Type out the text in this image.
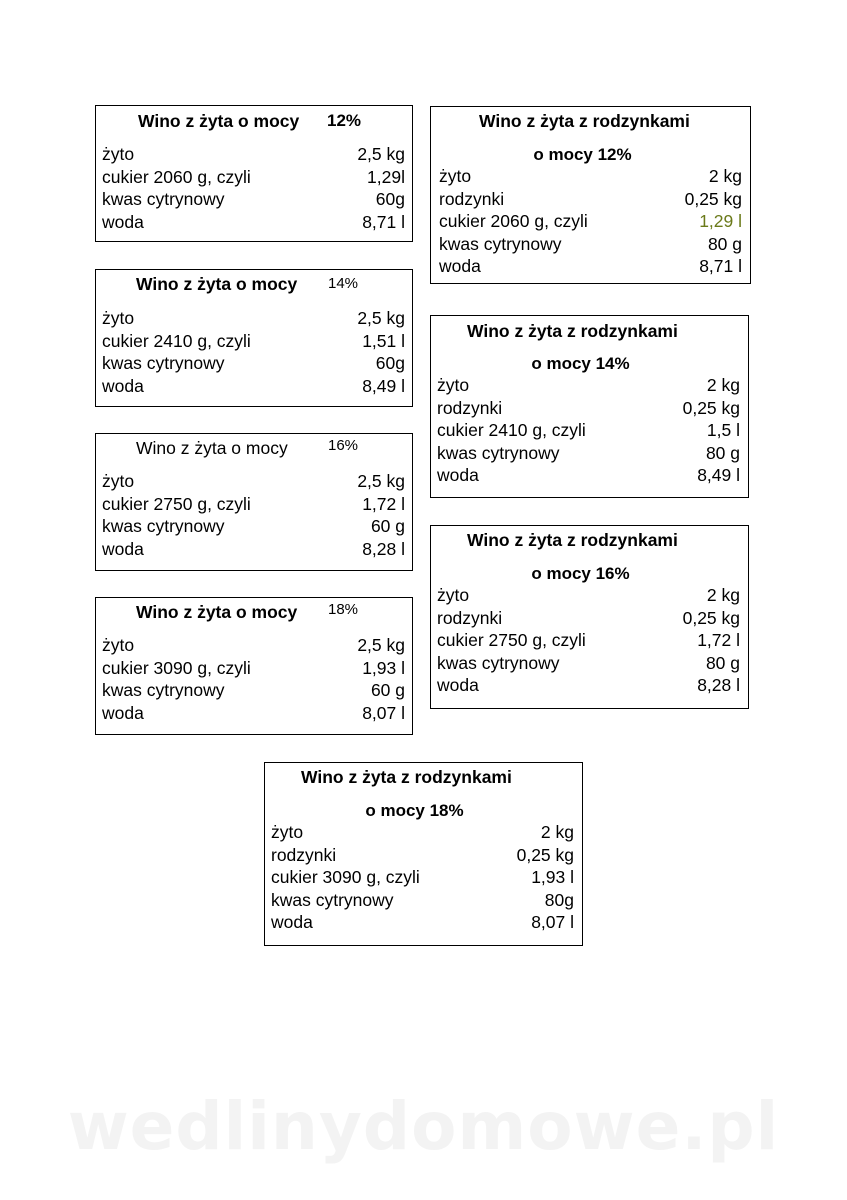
Wino z żyta o mocy 12%
żyto	2,5 kg
cukier 2060 g, czyli	1,29l
kwas cytrynowy	60g
woda	8,71 l
Wino z żyta o mocy 14%
żyto	2,5 kg
cukier 2410 g, czyli	1,51 l
kwas cytrynowy	60g
woda	8,49 l
Wino z żyta o mocy	16%
żyto	2,5 kg
cukier 2750 g, czyli	1,72 l
kwas cytrynowy	60 g
woda	8,28 l
Wino z żyta o mocy 18%
żyto	2,5 kg
cukier 3090 g, czyli	1,93 l
kwas cytrynowy	60 g
woda	8,07 l
Wino z żyta z rodzynkami
o mocy 12%
żyto	2 kg
rodzynki	0,25 kg
cukier 2060 g, czyli	1,29 l
kwas cytrynowy	80 g
woda	8,71 l
Wino z żyta z rodzynkami
o mocy 14%
żyto	2 kg
rodzynki	0,25 kg
cukier 2410 g, czyli	1,5 l
kwas cytrynowy	80 g
woda	8,49 l
Wino z żyta z rodzynkami
o mocy 16%
żyto	2 kg
rodzynki	0,25 kg
cukier 2750 g, czyli	1,72 l
kwas cytrynowy	80 g
woda	8,28 l
Wino z żyta z rodzynkami
o mocy 18%
żyto	2 kg
rodzynki	0,25 kg
cukier 3090 g, czyli	1,93 l
kwas cytrynowy	80g
woda	8,07 l
wedlinydomowe.pl
